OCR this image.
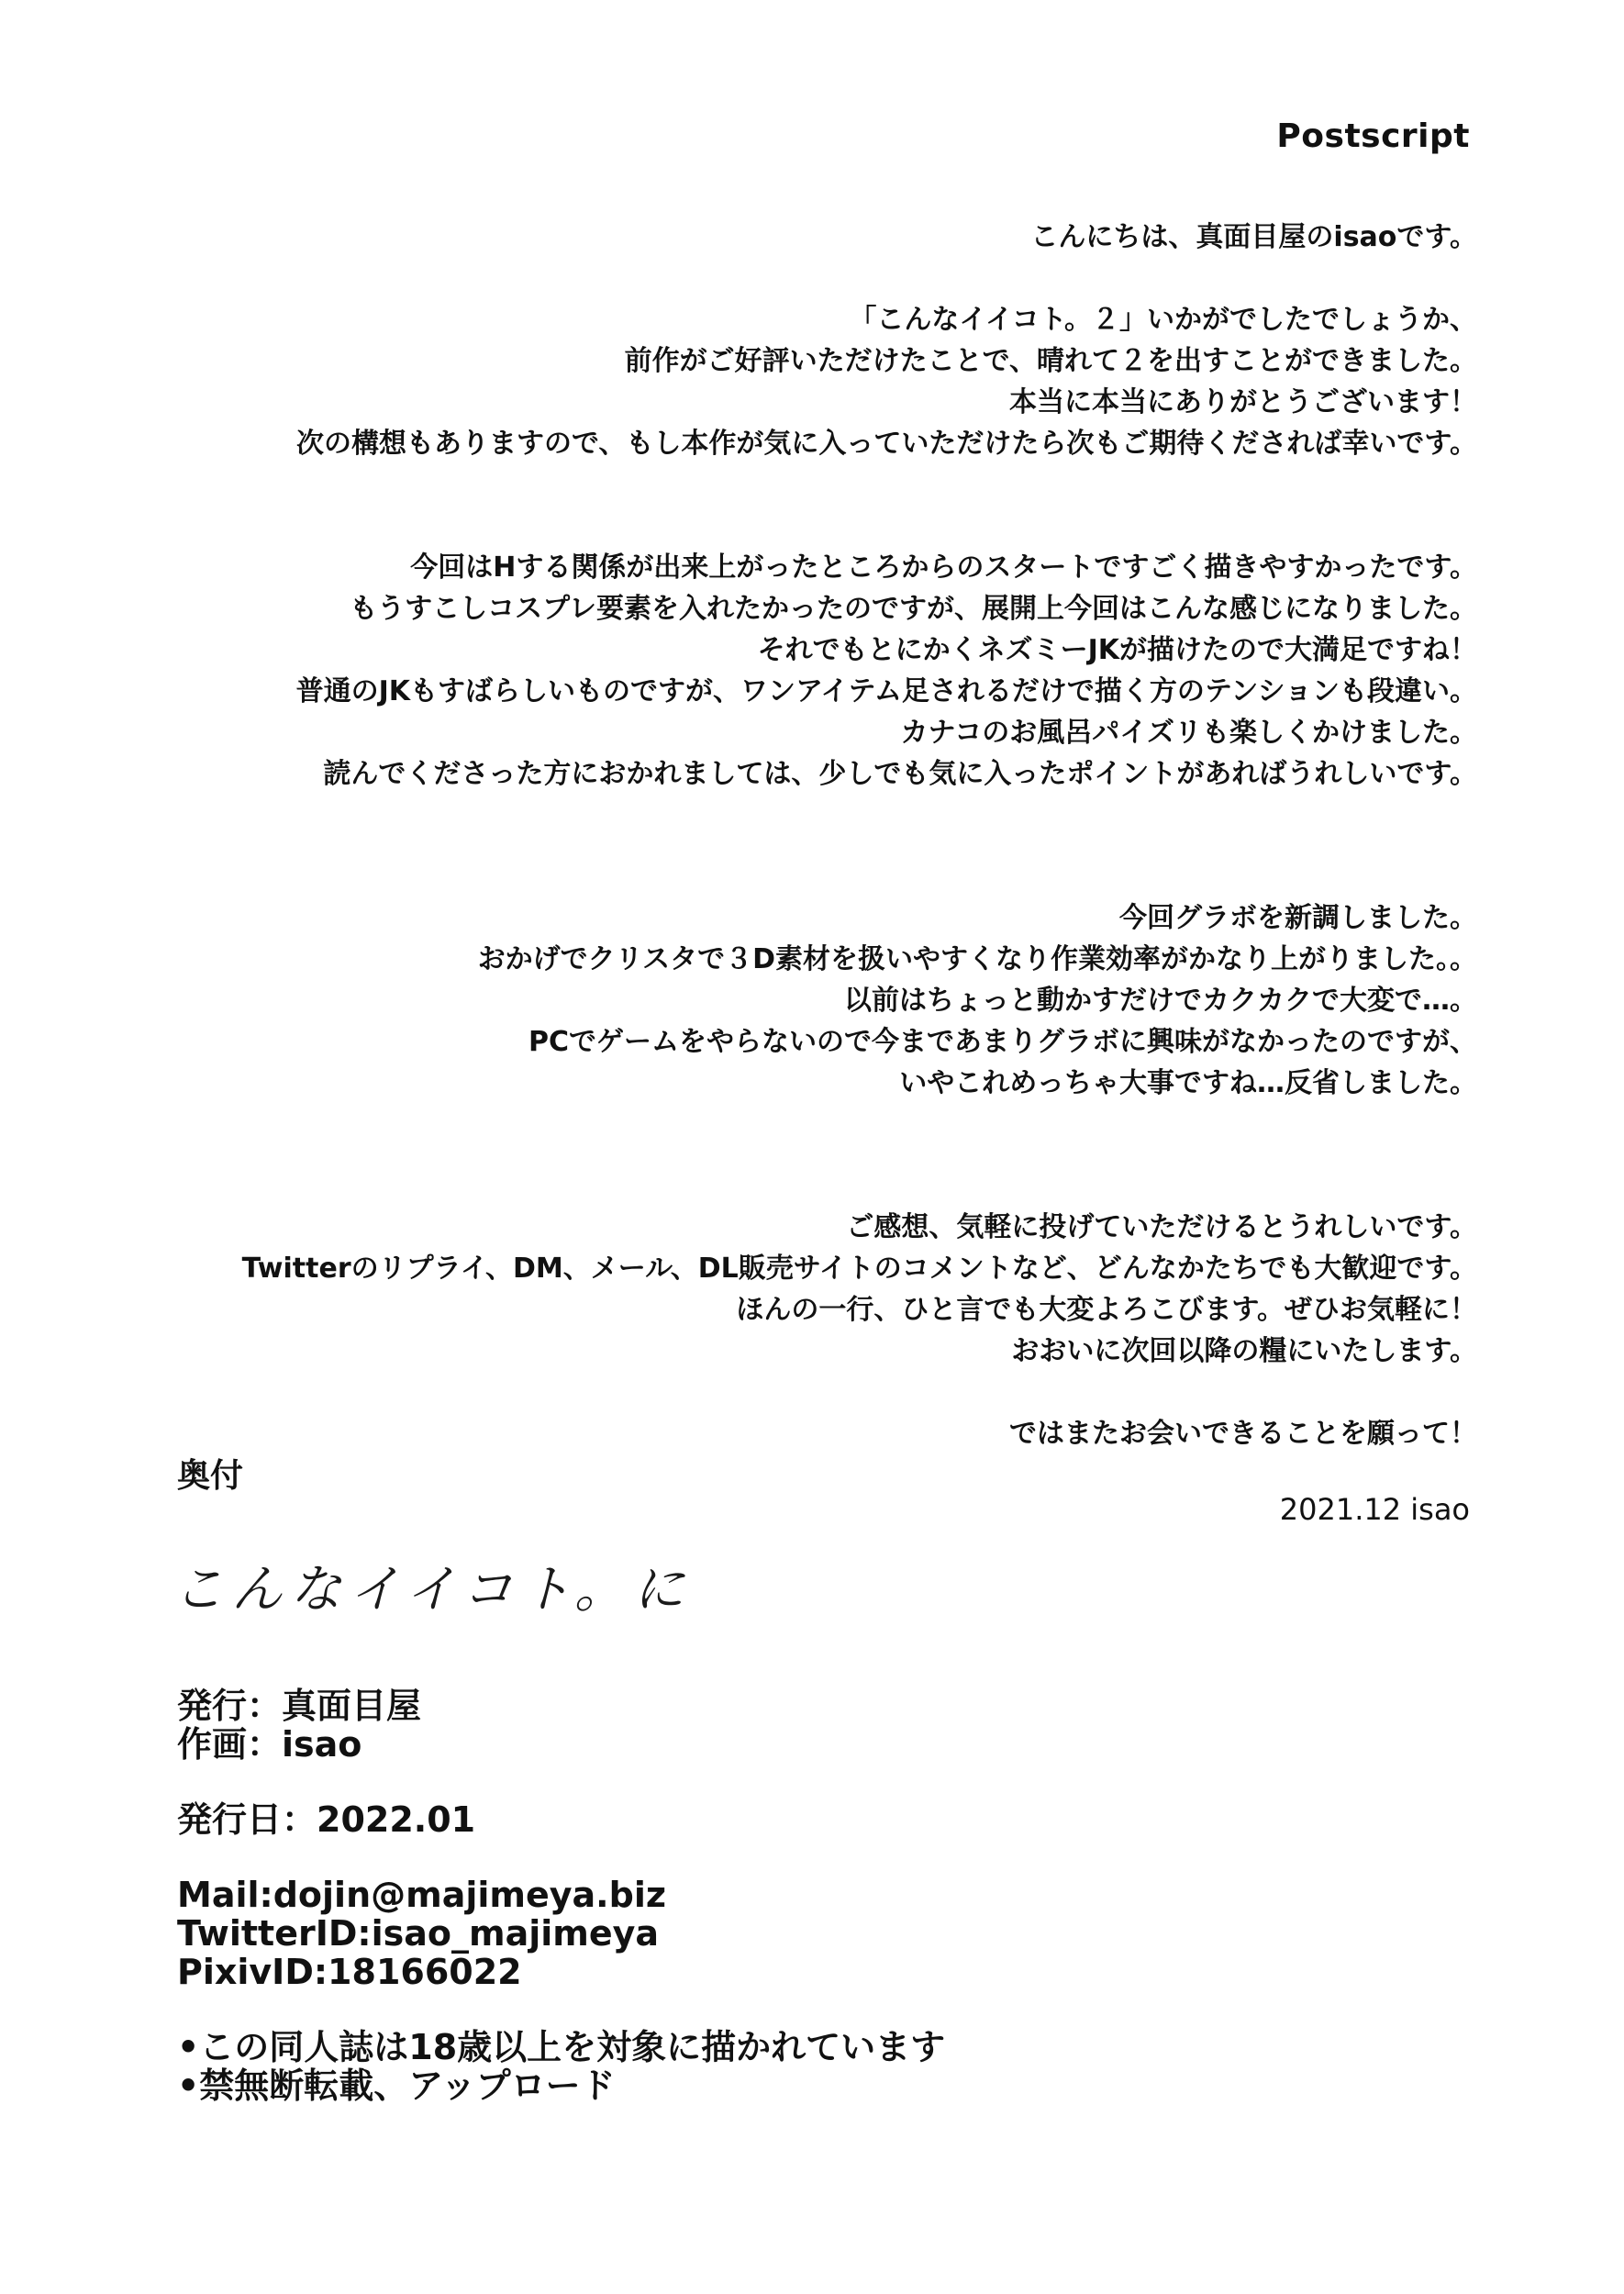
Postscript
こんにちは、真面目屋のisaoです。
「こんなイイコト。２」いかがでしたでしょうか、
前作がご好評いただけたことで、晴れて２を出すことができました。
本当に本当にありがとうございます！
次の構想もありますので、もし本作が気に入っていただけたら次もご期待くだされば幸いです。
今回はHする関係が出来上がったところからのスタートですごく描きやすかったです。
もうすこしコスプレ要素を入れたかったのですが、展開上今回はこんな感じになりました。
それでもとにかくネズミーJKが描けたので大満足ですね！
普通のJKもすばらしいものですが、ワンアイテム足されるだけで描く方のテンションも段違い。
カナコのお風呂パイズリも楽しくかけました。
読んでくださった方におかれましては、少しでも気に入ったポイントがあればうれしいです。
今回グラボを新調しました。
おかげでクリスタで３D素材を扱いやすくなり作業効率がかなり上がりました。。
以前はちょっと動かすだけでカクカクで大変で…。
PCでゲームをやらないので今まであまりグラボに興味がなかったのですが、
いやこれめっちゃ大事ですね…反省しました。
ご感想、気軽に投げていただけるとうれしいです。
Twitterのリプライ、DM、メール、DL販売サイトのコメントなど、どんなかたちでも大歓迎です。
ほんの一行、ひと言でも大変よろこびます。ぜひお気軽に！
おおいに次回以降の糧にいたします。
ではまたお会いできることを願って！
奥付
2021.12 isao
こんなイイコト。に
発行：真面目屋
作画：isao
発行日：2022.01
Mail:dojin@majimeya.biz
TwitterID:isao_majimeya
PixivID:18166022
•この同人誌は18歳以上を対象に描かれています
•禁無断転載、アップロード
